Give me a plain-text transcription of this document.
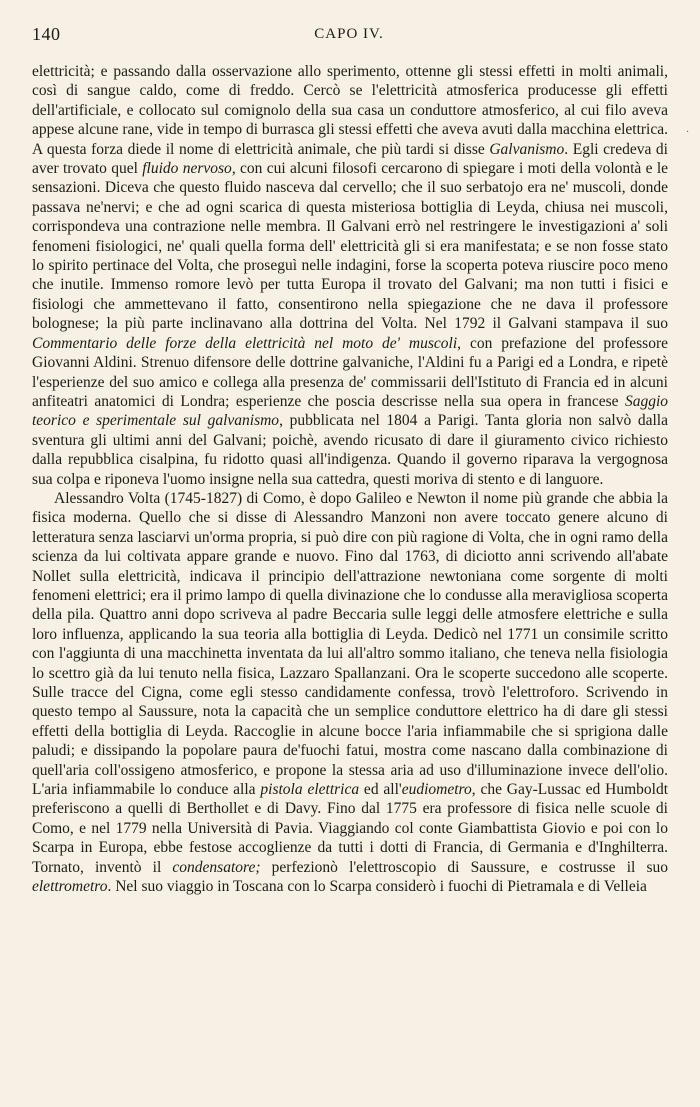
140	CAPO IV.

elettricità; e passando dalla osservazione allo sperimento, ottenne gli stessi effetti in molti animali, così di sangue caldo, come di freddo. Cercò se l'elettricità atmosferica producesse gli effetti dell'artificiale, e collocato sul comignolo della sua casa un conduttore atmosferico, al cui filo aveva appese alcune rane, vide in tempo di burrasca gli stessi effetti che aveva avuti dalla macchina elettrica. A questa forza diede il nome di elettricità animale, che più tardi si disse Galvanismo. Egli credeva di aver trovato quel fluido nervoso, con cui alcuni filosofi cercarono di spiegare i moti della volontà e le sensazioni. Diceva che questo fluido nasceva dal cervello; che il suo serbatojo era ne' muscoli, donde passava ne'nervi; e che ad ogni scarica di questa misteriosa bottiglia di Leyda, chiusa nei muscoli, corrispondeva una contrazione nelle membra. Il Galvani errò nel restringere le investigazioni a' soli fenomeni fisiologici, ne' quali quella forma dell' elettricità gli si era manifestata; e se non fosse stato lo spirito pertinace del Volta, che proseguì nelle indagini, forse la scoperta poteva riuscire poco meno che inutile. Immenso romore levò per tutta Europa il trovato del Galvani; ma non tutti i fisici e fisiologi che ammettevano il fatto, consentirono nella spiegazione che ne dava il professore bolognese; la più parte inclinavano alla dottrina del Volta. Nel 1792 il Galvani stampava il suo Commentario delle forze della elettricità nel moto de' muscoli, con prefazione del professore Giovanni Aldini. Strenuo difensore delle dottrine galvaniche, l'Aldini fu a Parigi ed a Londra, e ripetè l'esperienze del suo amico e collega alla presenza de' commissarii dell'Istituto di Francia ed in alcuni anfiteatri anatomici di Londra; esperienze che poscia descrisse nella sua opera in francese Saggio teorico e sperimentale sul galvanismo, pubblicata nel 1804 a Parigi. Tanta gloria non salvò dalla sventura gli ultimi anni del Galvani; poichè, avendo ricusato di dare il giuramento civico richiesto dalla repubblica cisalpina, fu ridotto quasi all'indigenza. Quando il governo riparava la vergognosa sua colpa e riponeva l'uomo insigne nella sua cattedra, questi moriva di stento e di languore.

Alessandro Volta (1745-1827) di Como, è dopo Galileo e Newton il nome più grande che abbia la fisica moderna. Quello che si disse di Alessandro Manzoni non avere toccato genere alcuno di letteratura senza lasciarvi un'orma propria, si può dire con più ragione di Volta, che in ogni ramo della scienza da lui coltivata appare grande e nuovo. Fino dal 1763, di diciotto anni scrivendo all'abate Nollet sulla elettricità, indicava il principio dell'attrazione newtoniana come sorgente di molti fenomeni elettrici; era il primo lampo di quella divinazione che lo condusse alla meravigliosa scoperta della pila. Quattro anni dopo scriveva al padre Beccaria sulle leggi delle atmosfere elettriche e sulla loro influenza, applicando la sua teoria alla bottiglia di Leyda. Dedicò nel 1771 un consimile scritto con l'aggiunta di una macchinetta inventata da lui all'altro sommo italiano, che teneva nella fisiologia lo scettro già da lui tenuto nella fisica, Lazzaro Spallanzani. Ora le scoperte succedono alle scoperte. Sulle tracce del Cigna, come egli stesso candidamente confessa, trovò l'elettroforo. Scrivendo in questo tempo al Saussure, nota la capacità che un semplice conduttore elettrico ha di dare gli stessi effetti della bottiglia di Leyda. Raccoglie in alcune bocce l'aria infiammabile che si sprigiona dalle paludi; e dissipando la popolare paura de'fuochi fatui, mostra come nascano dalla combinazione di quell'aria coll'ossigeno atmosferico, e propone la stessa aria ad uso d'illuminazione invece dell'olio. L'aria infiammabile lo conduce alla pistola elettrica ed all'eudiometro, che Gay-Lussac ed Humboldt preferiscono a quelli di Berthollet e di Davy. Fino dal 1775 era professore di fisica nelle scuole di Como, e nel 1779 nella Università di Pavia. Viaggiando col conte Giambattista Giovio e poi con lo Scarpa in Europa, ebbe festose accoglienze da tutti i dotti di Francia, di Germania e d'Inghilterra. Tornato, inventò il condensatore; perfezionò l'elettroscopio di Saussure, e costrusse il suo elettrometro. Nel suo viaggio in Toscana con lo Scarpa considerò i fuochi di Pietramala e di Velleia

·
